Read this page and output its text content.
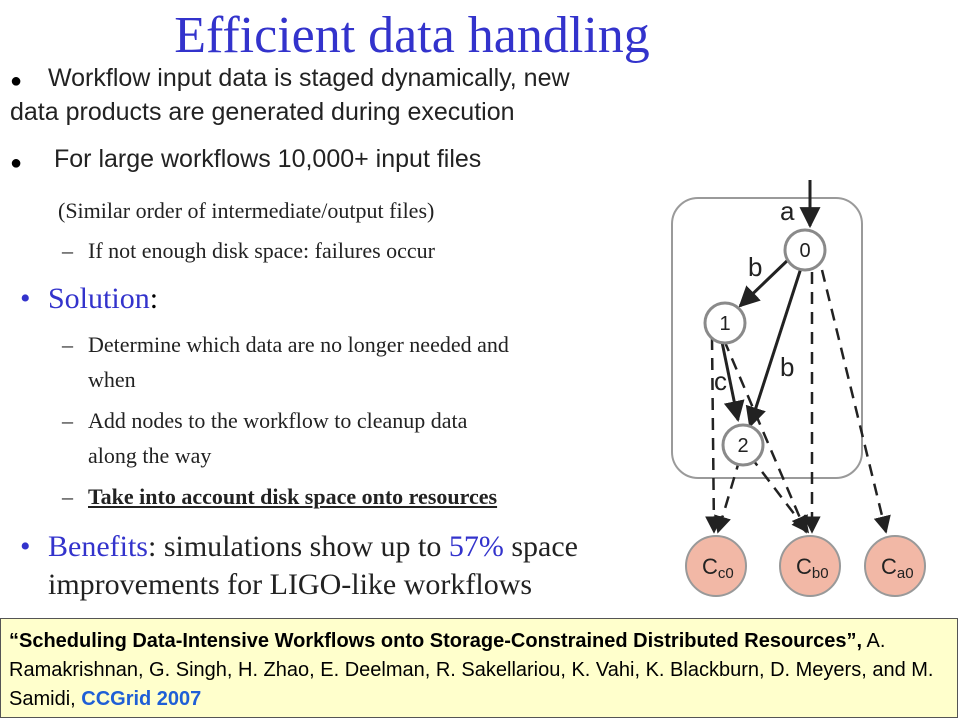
Efficient data handling
● Workflow input data is staged dynamically, new
data products are generated during execution
● For large workflows 10,000+ input files
(Similar order of intermediate/output files)
– If not enough disk space: failures occur
• Solution:
– Determine which data are no longer needed and
when
– Add nodes to the workflow to cleanup data
along the way
– Take into account disk space onto resources
• Benefits: simulations show up to 57% space
improvements for LIGO-like workflows
a
b
b
c
0
1
2
Cc0	Cb0 Ca0

“Scheduling Data-Intensive Workflows onto Storage-Constrained Distributed Resources”, A. Ramakrishnan, G. Singh, H. Zhao, E. Deelman, R. Sakellariou, K. Vahi, K. Blackburn, D. Meyers, and M. Samidi, CCGrid 2007
